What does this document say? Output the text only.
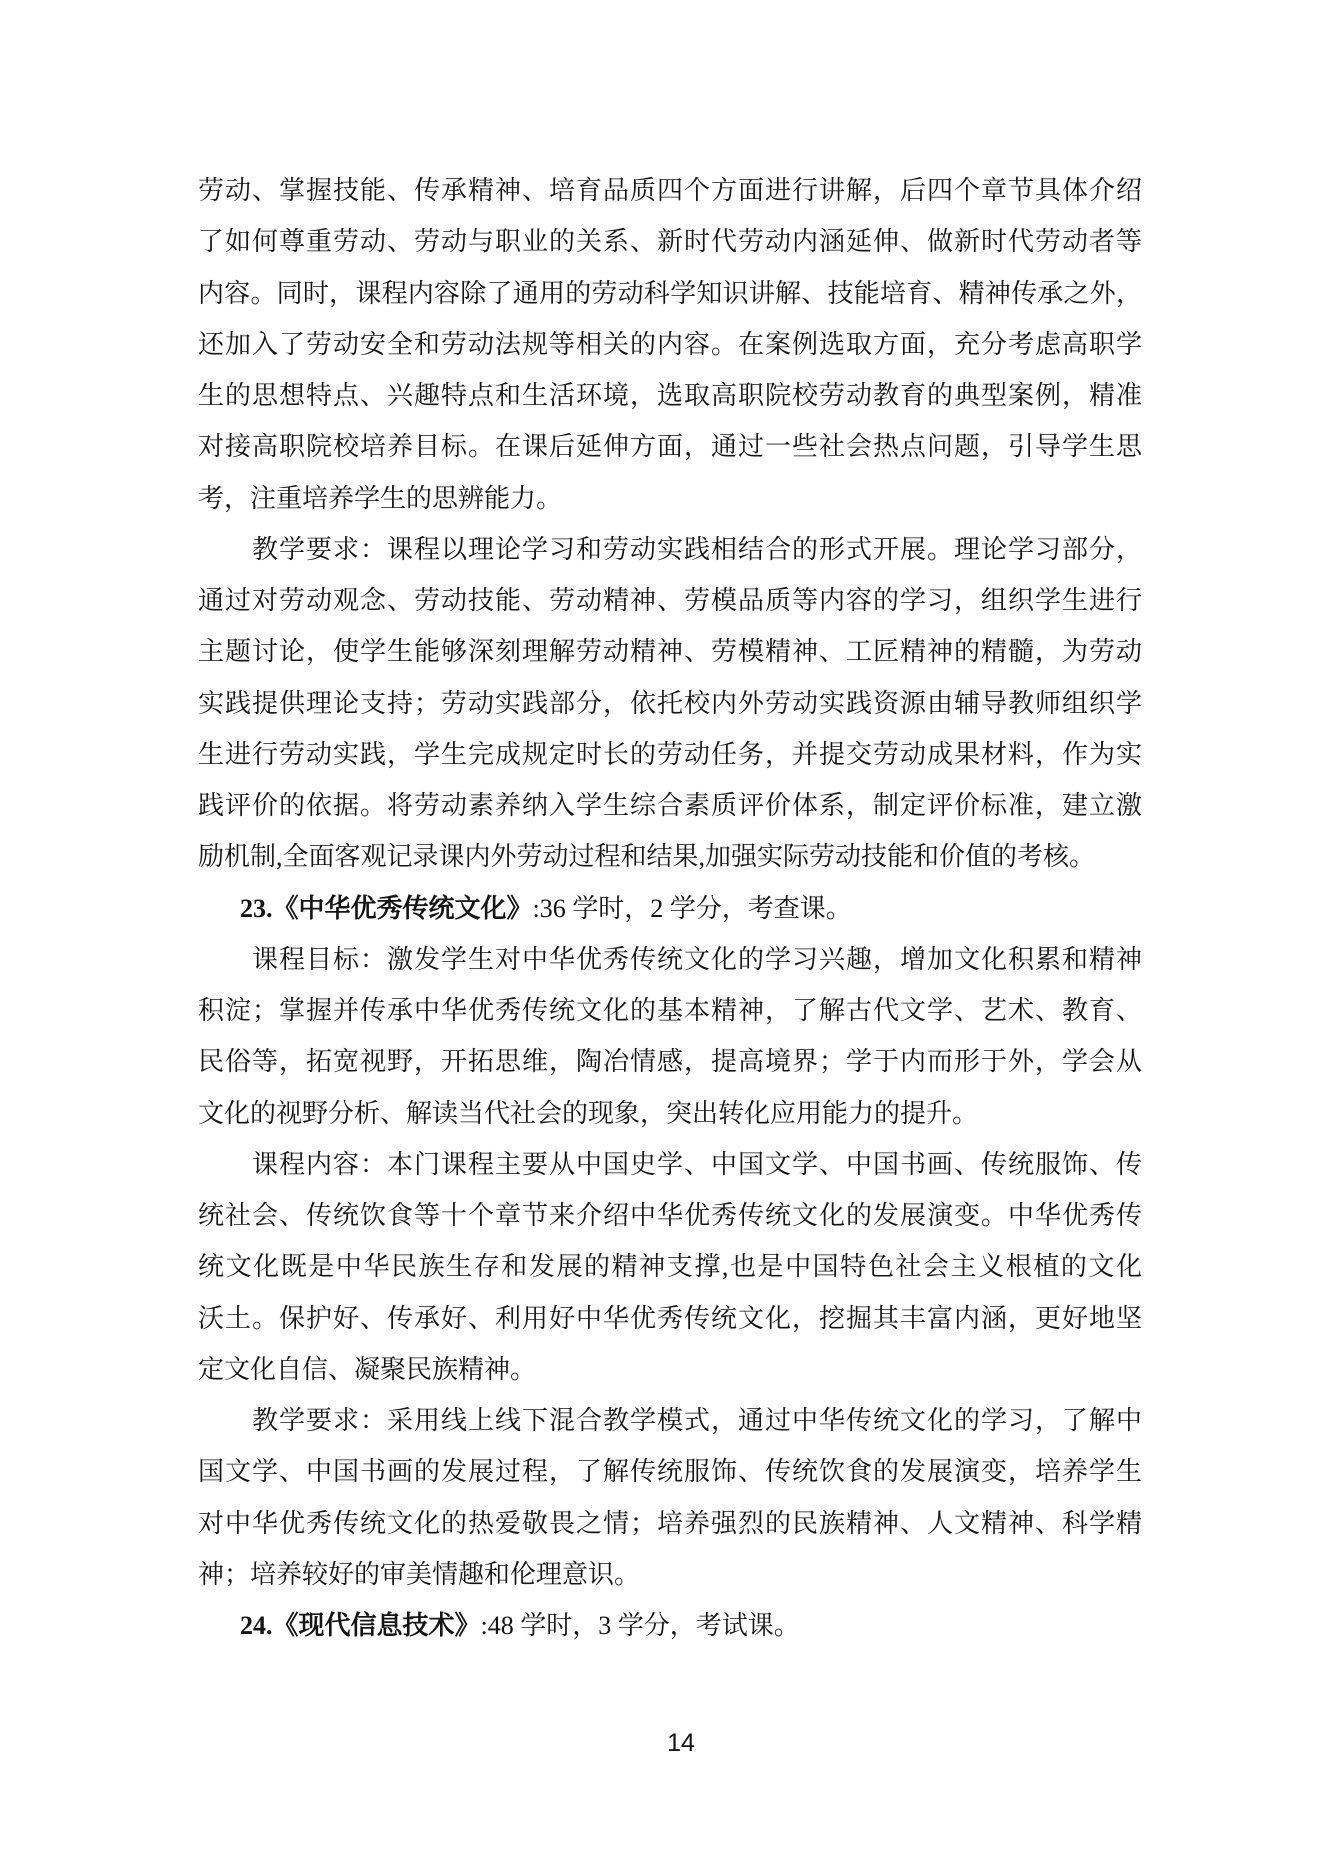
劳动、掌握技能、传承精神、培育品质四个方面进行讲解，后四个章节具体介绍
了如何尊重劳动、劳动与职业的关系、新时代劳动内涵延伸、做新时代劳动者等
内容。同时，课程内容除了通用的劳动科学知识讲解、技能培育、精神传承之外，
还加入了劳动安全和劳动法规等相关的内容。在案例选取方面，充分考虑高职学
生的思想特点、兴趣特点和生活环境，选取高职院校劳动教育的典型案例，精准
对接高职院校培养目标。在课后延伸方面，通过一些社会热点问题，引导学生思
考，注重培养学生的思辨能力。
教学要求：课程以理论学习和劳动实践相结合的形式开展。理论学习部分，
通过对劳动观念、劳动技能、劳动精神、劳模品质等内容的学习，组织学生进行
主题讨论，使学生能够深刻理解劳动精神、劳模精神、工匠精神的精髓，为劳动
实践提供理论支持；劳动实践部分，依托校内外劳动实践资源由辅导教师组织学
生进行劳动实践，学生完成规定时长的劳动任务，并提交劳动成果材料，作为实
践评价的依据。将劳动素养纳入学生综合素质评价体系，制定评价标准，建立激
励机制,全面客观记录课内外劳动过程和结果,加强实际劳动技能和价值的考核。
23.《中华优秀传统文化》:36 学时，2 学分，考查课。
课程目标：激发学生对中华优秀传统文化的学习兴趣，增加文化积累和精神
积淀；掌握并传承中华优秀传统文化的基本精神，了解古代文学、艺术、教育、
民俗等，拓宽视野，开拓思维，陶冶情感，提高境界；学于内而形于外，学会从
文化的视野分析、解读当代社会的现象，突出转化应用能力的提升。
课程内容：本门课程主要从中国史学、中国文学、中国书画、传统服饰、传
统社会、传统饮食等十个章节来介绍中华优秀传统文化的发展演变。中华优秀传
统文化既是中华民族生存和发展的精神支撑,也是中国特色社会主义根植的文化
沃土。保护好、传承好、利用好中华优秀传统文化，挖掘其丰富内涵，更好地坚
定文化自信、凝聚民族精神。
教学要求：采用线上线下混合教学模式，通过中华传统文化的学习，了解中
国文学、中国书画的发展过程，了解传统服饰、传统饮食的发展演变，培养学生
对中华优秀传统文化的热爱敬畏之情；培养强烈的民族精神、人文精神、科学精
神；培养较好的审美情趣和伦理意识。
24.《现代信息技术》:48 学时，3 学分，考试课。
14
